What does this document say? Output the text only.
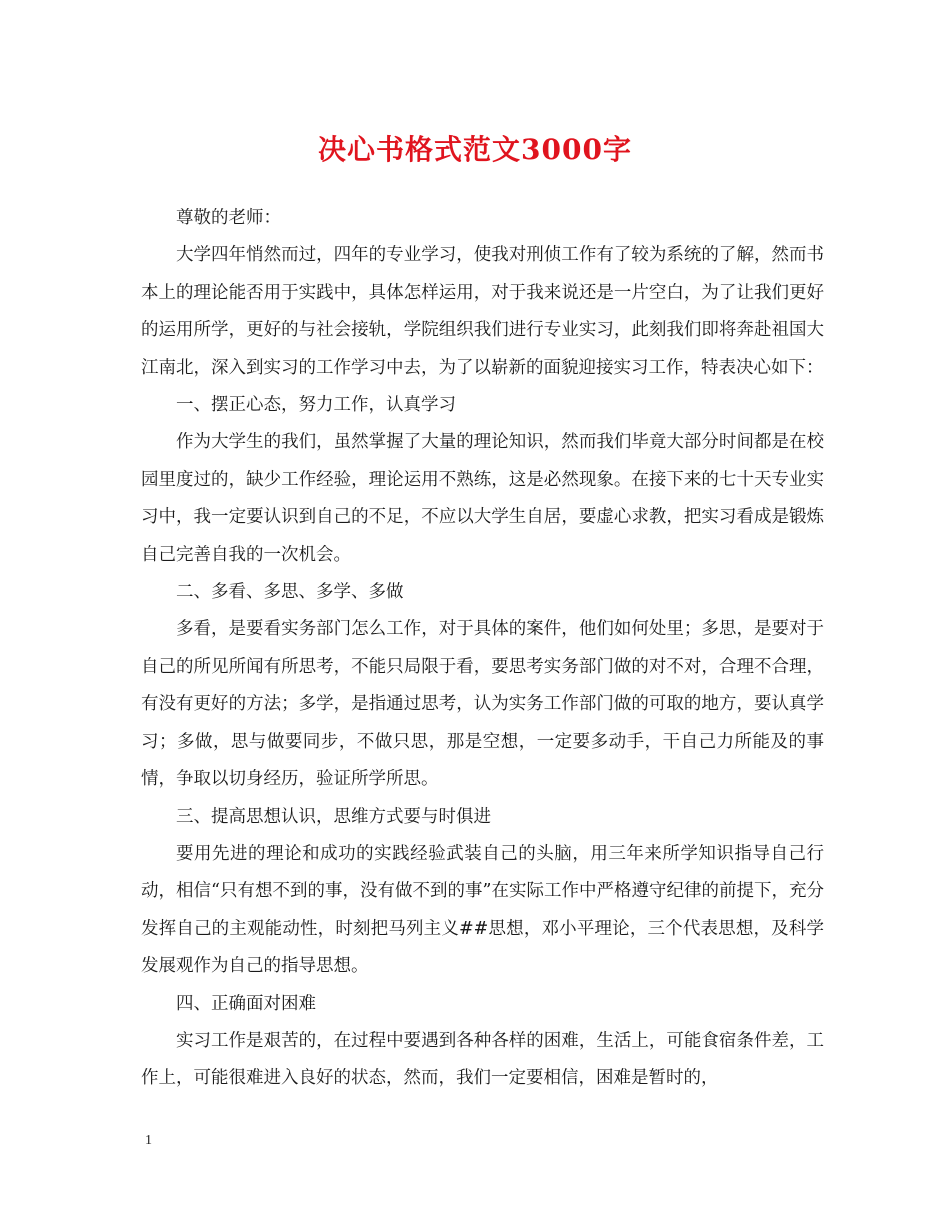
决心书格式范文3000字

尊敬的老师：

大学四年悄然而过，四年的专业学习，使我对刑侦工作有了较为系统的了解，然而书本上的理论能否用于实践中，具体怎样运用，对于我来说还是一片空白，为了让我们更好的运用所学，更好的与社会接轨，学院组织我们进行专业实习，此刻我们即将奔赴祖国大江南北，深入到实习的工作学习中去，为了以崭新的面貌迎接实习工作，特表决心如下：

一、摆正心态，努力工作，认真学习

作为大学生的我们，虽然掌握了大量的理论知识，然而我们毕竟大部分时间都是在校园里度过的，缺少工作经验，理论运用不熟练，这是必然现象。在接下来的七十天专业实习中，我一定要认识到自己的不足，不应以大学生自居，要虚心求教，把实习看成是锻炼自己完善自我的一次机会。

二、多看、多思、多学、多做

多看，是要看实务部门怎么工作，对于具体的案件，他们如何处里；多思，是要对于自己的所见所闻有所思考，不能只局限于看，要思考实务部门做的对不对，合理不合理，有没有更好的方法；多学，是指通过思考，认为实务工作部门做的可取的地方，要认真学习；多做，思与做要同步，不做只思，那是空想，一定要多动手，干自己力所能及的事情，争取以切身经历，验证所学所思。

三、提高思想认识，思维方式要与时俱进

要用先进的理论和成功的实践经验武装自己的头脑，用三年来所学知识指导自己行动，相信“只有想不到的事，没有做不到的事”在实际工作中严格遵守纪律的前提下，充分发挥自己的主观能动性，时刻把马列主义##思想，邓小平理论，三个代表思想，及科学发展观作为自己的指导思想。

四、正确面对困难

实习工作是艰苦的，在过程中要遇到各种各样的困难，生活上，可能食宿条件差，工作上，可能很难进入良好的状态，然而，我们一定要相信，困难是暂时的，

1
